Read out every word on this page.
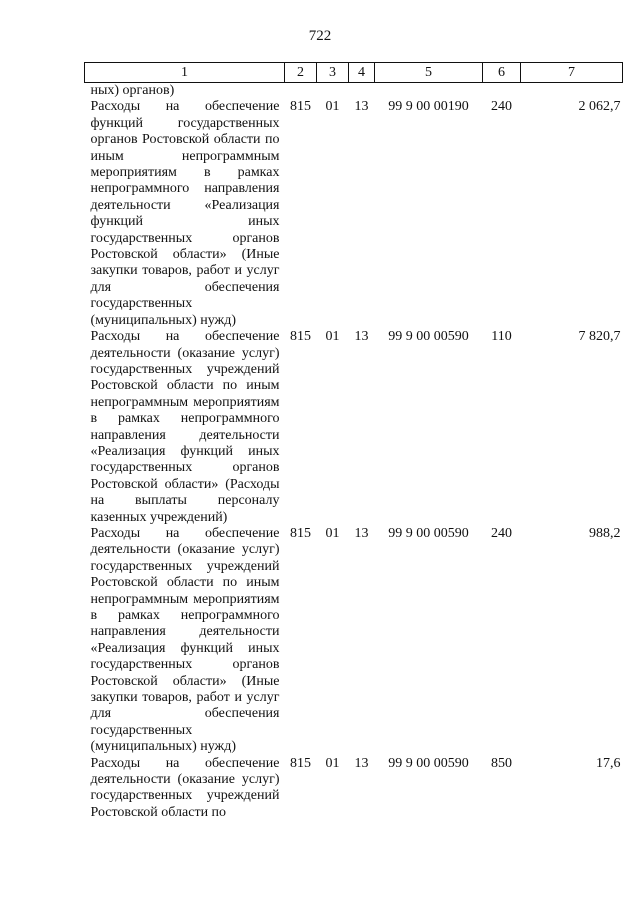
722
1	2	3	4	5	6	7
ных) органов)						
Расходы на обеспечение функций государственных органов Ростовской области по иным непрограммным мероприятиям в рамках непрограммного направления деятельности «Реализация функций иных государственных органов Ростовской области» (Иные закупки товаров, работ и услуг для обеспечения государственных (муниципальных) нужд)	815	01	13	99 9 00 00190	240	2 062,7
Расходы на обеспечение деятельности (оказание услуг) государственных учреждений Ростовской области по иным непрограммным мероприятиям в рамках непрограммного направления деятельности «Реализация функций иных государственных органов Ростовской области» (Расходы на выплаты персоналу казенных учреждений)	815	01	13	99 9 00 00590	110	7 820,7
Расходы на обеспечение деятельности (оказание услуг) государственных учреждений Ростовской области по иным непрограммным мероприятиям в рамках непрограммного направления деятельности «Реализация функций иных государственных органов Ростовской области» (Иные закупки товаров, работ и услуг для обеспечения государственных (муниципальных) нужд)	815	01	13	99 9 00 00590	240	988,2
Расходы на обеспечение деятельности (оказание услуг) государственных учреждений Ростовской области по	815	01	13	99 9 00 00590	850	17,6
